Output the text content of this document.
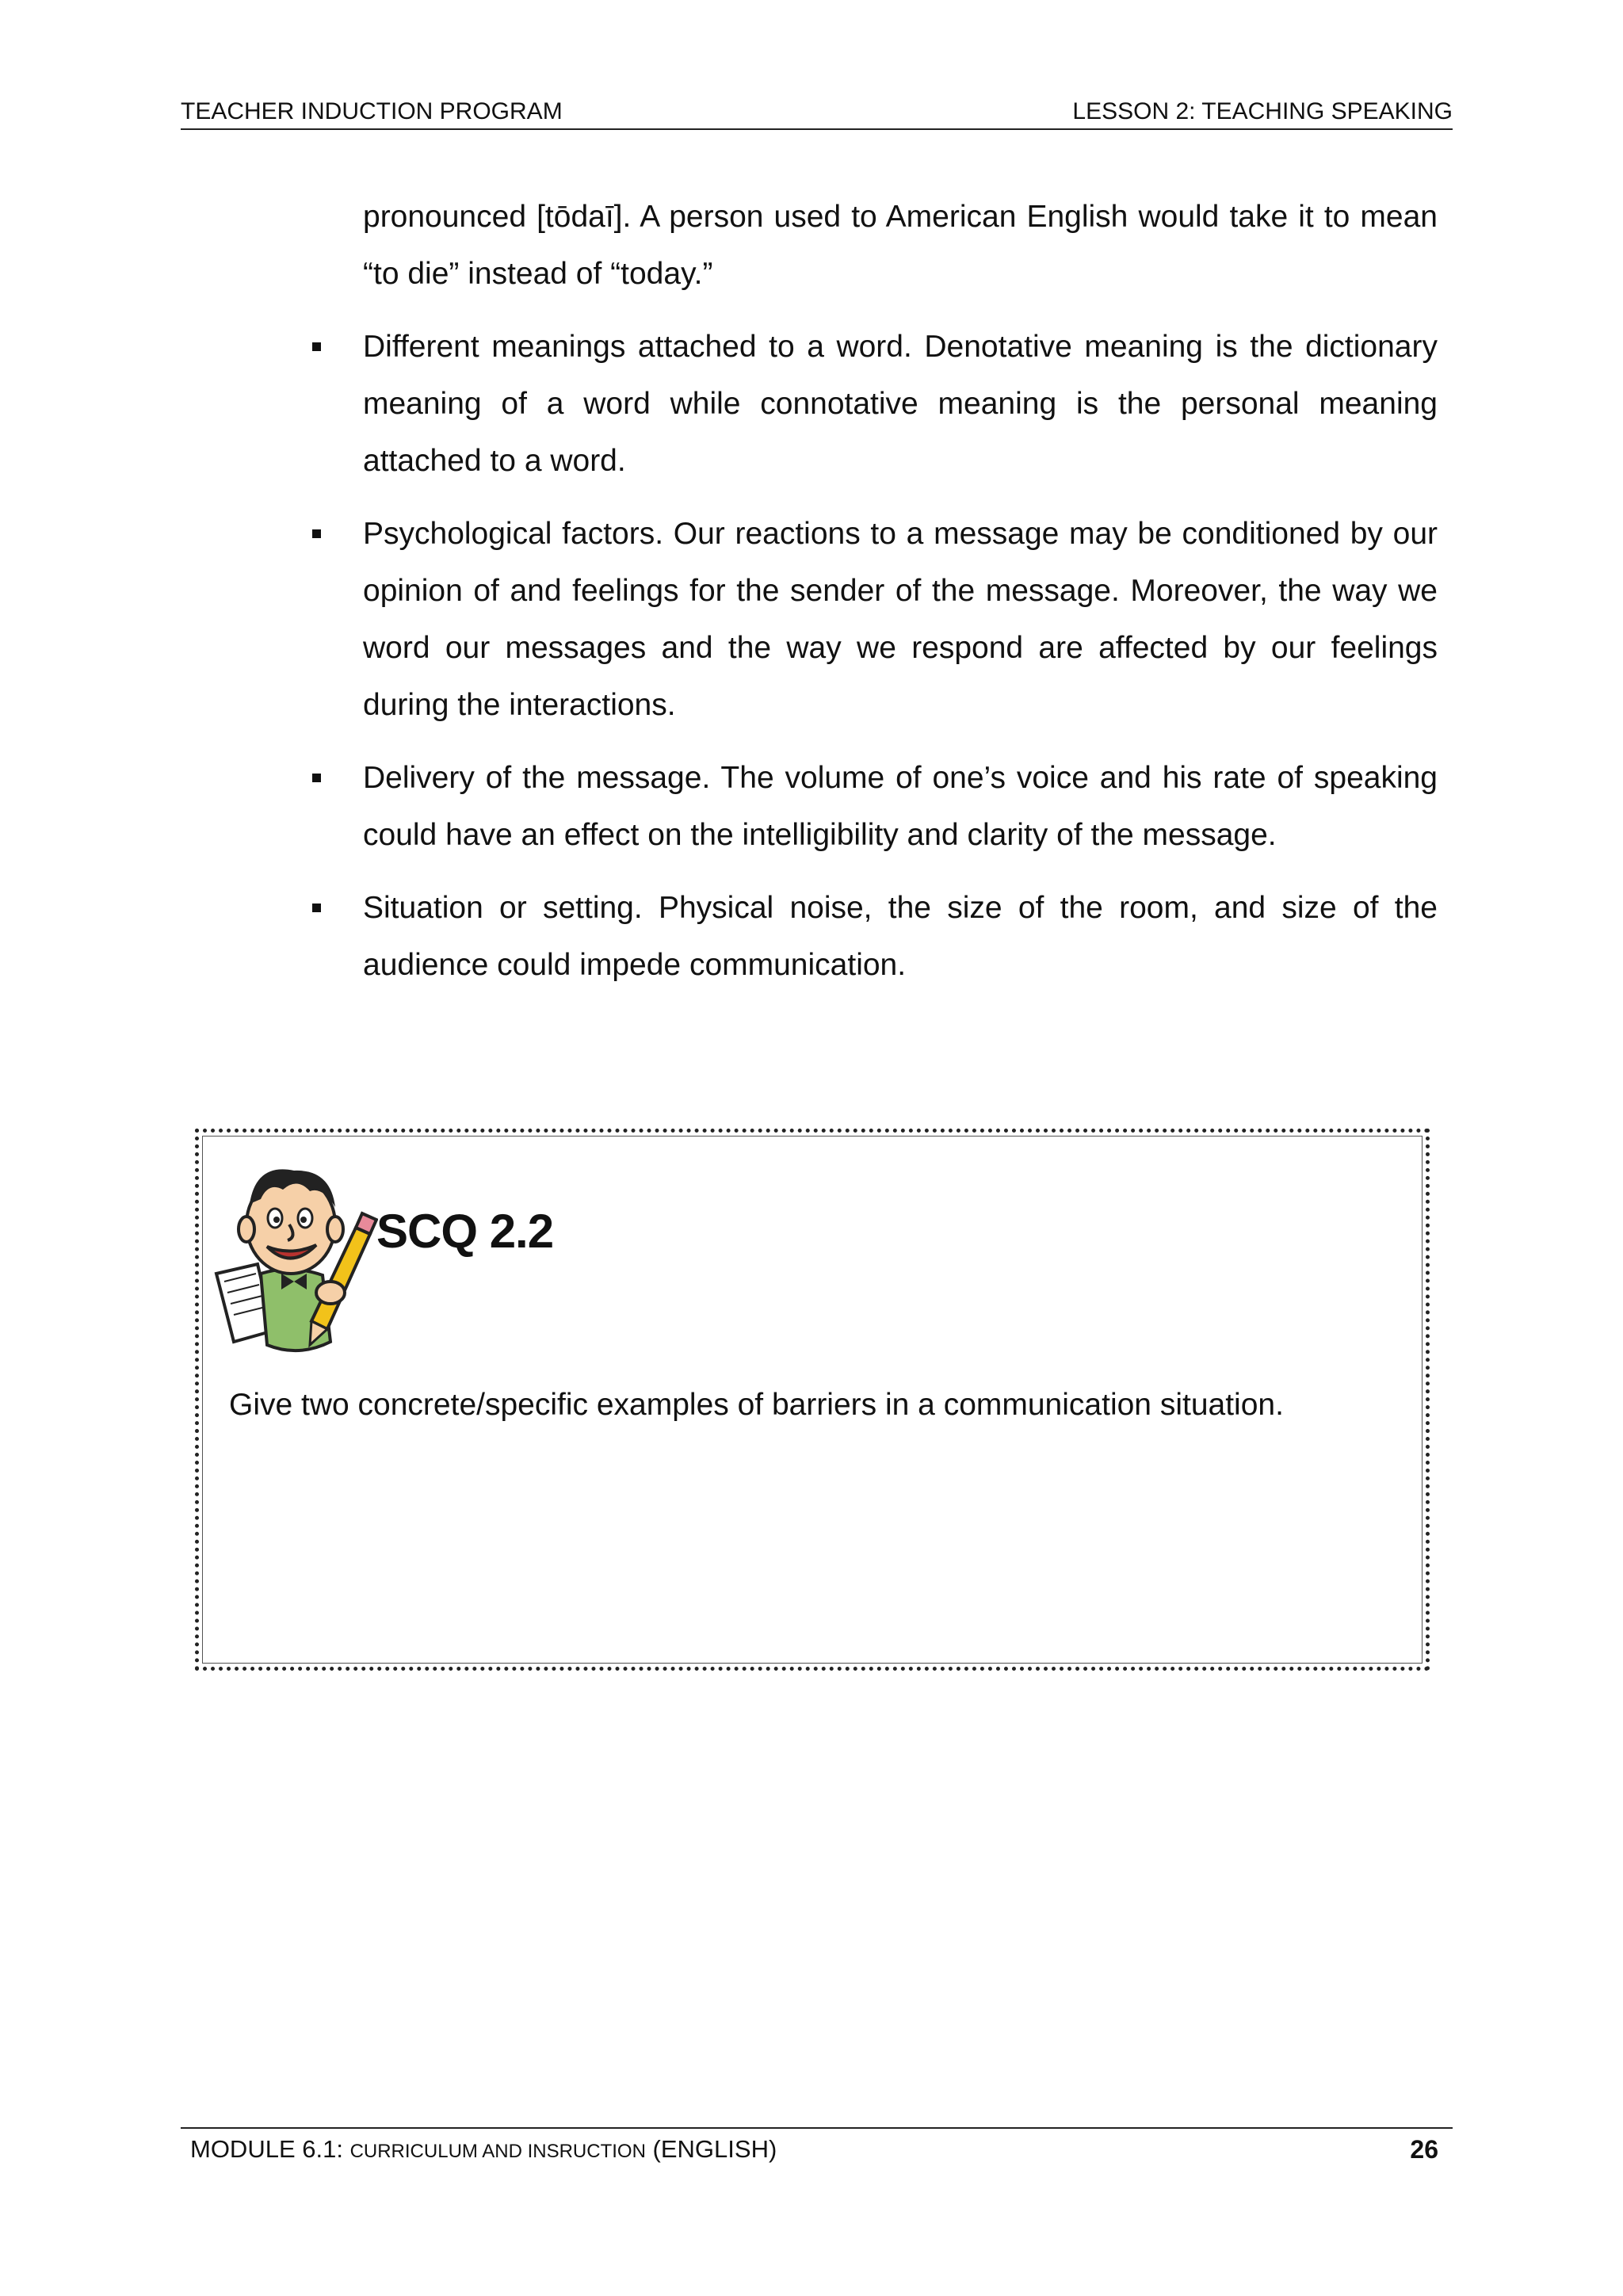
TEACHER INDUCTION PROGRAM	LESSON 2: TEACHING SPEAKING
pronounced [tōdaī]. A person used to American English would take it to mean “to die” instead of “today.”
Different meanings attached to a word. Denotative meaning is the dictionary meaning of a word while connotative meaning is the personal meaning attached to a word.
Psychological factors. Our reactions to a message may be conditioned by our opinion of and feelings for the sender of the message. Moreover, the way we word our messages and the way we respond are affected by our feelings during the interactions.
Delivery of the message. The volume of one’s voice and his rate of speaking could have an effect on the intelligibility and clarity of the message.
Situation or setting. Physical noise, the size of the room, and size of the audience could impede communication.
SCQ 2.2
Give two concrete/specific examples of barriers in a communication situation.
MODULE 6.1: CURRICULUM AND INSRUCTION (ENGLISH)	26
